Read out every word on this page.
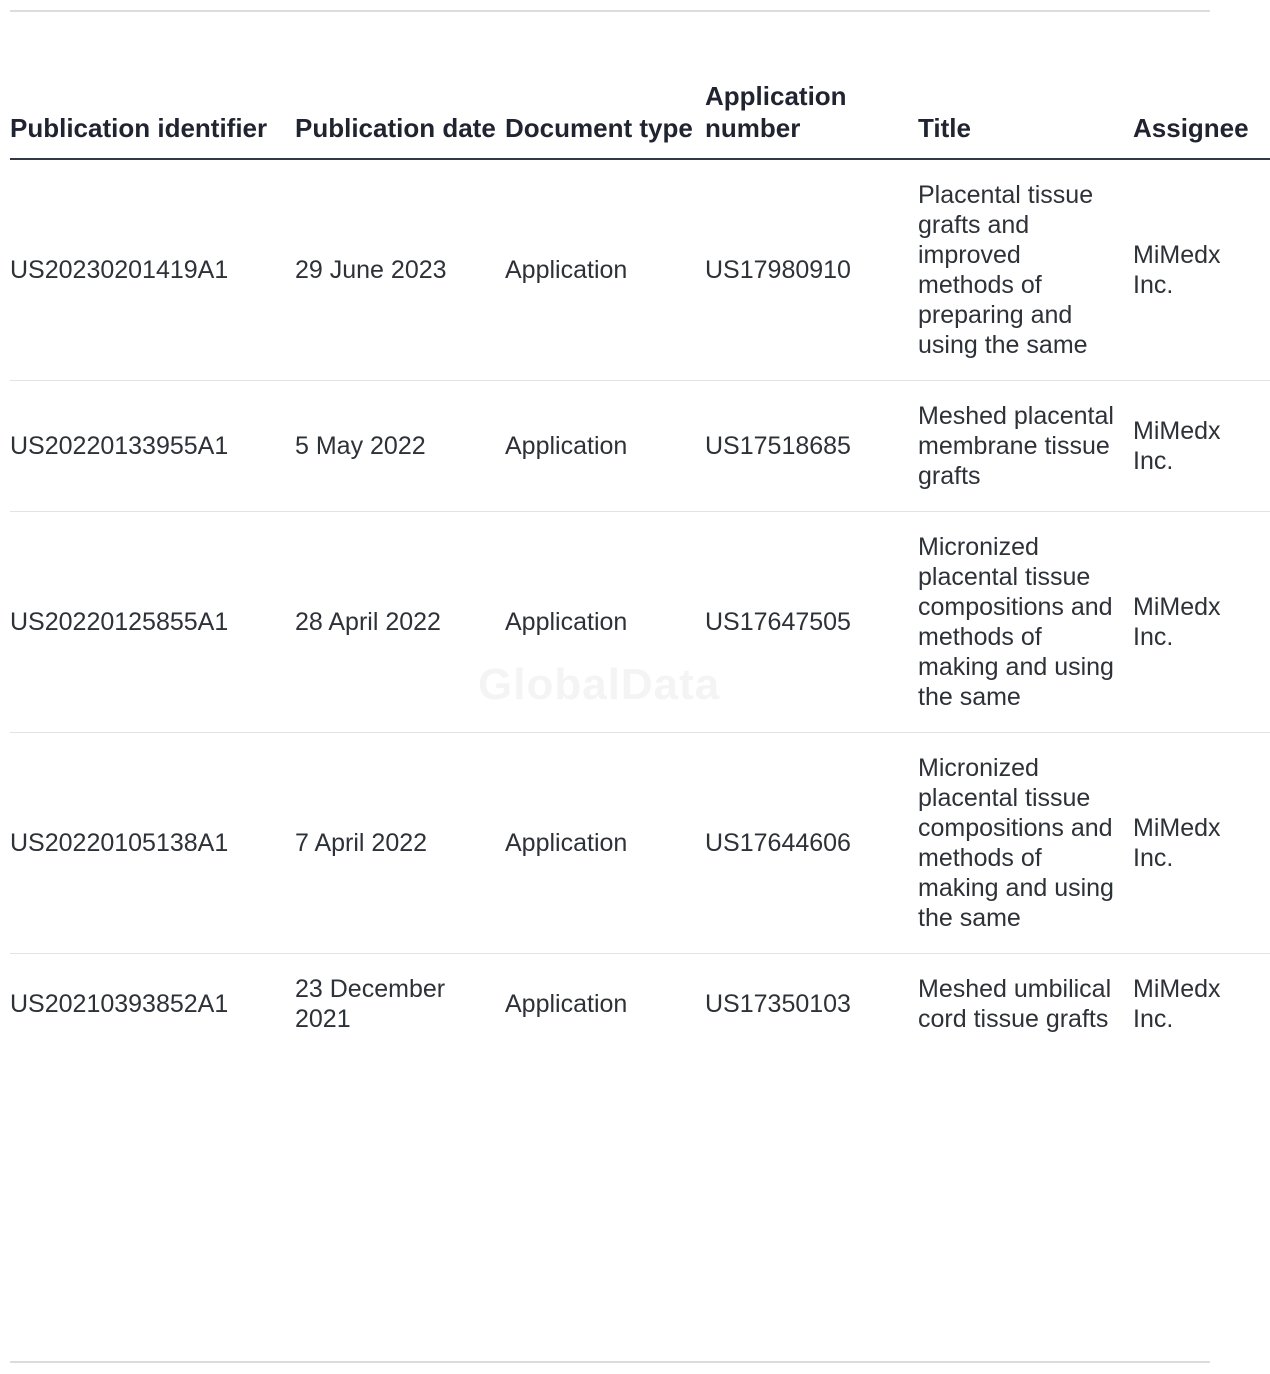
GlobalData
Publication identifier	Publication date	Document type	Application number	Title	Assignee
US20230201419A1	29 June 2023	Application	US17980910	Placental tissue grafts and improved methods of preparing and using the same	MiMedx Inc.
US20220133955A1	5 May 2022	Application	US17518685	Meshed placental membrane tissue grafts	MiMedx Inc.
US20220125855A1	28 April 2022	Application	US17647505	Micronized placental tissue compositions and methods of making and using the same	MiMedx Inc.
US20220105138A1	7 April 2022	Application	US17644606	Micronized placental tissue compositions and methods of making and using the same	MiMedx Inc.
US20210393852A1	23 December 2021	Application	US17350103	Meshed umbilical cord tissue grafts	MiMedx Inc.
